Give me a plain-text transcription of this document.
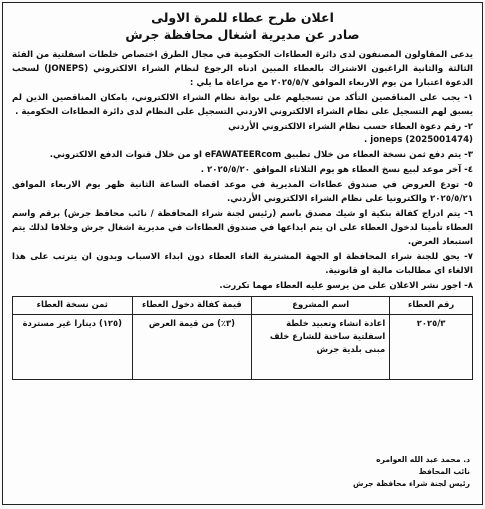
اعلان طرح عطاء للمرة الاولى
صادر عن مديرية اشغال محافظة جرش
يدعى المقاولون المصنفون لدى دائرة العطاءات الحكومية في مجال الطرق اختصاص خلطات اسفلتية من الفئة الثالثة والثانية الراغبون الاشتراك بالعطاء المبين ادناه الرجوع لنظام الشراء الالكتروني (JONEPS) لسحب الدعوة اعتبارا من يوم الاربعاء الموافق ٢٠٢٥/٥/٧ مع مراعاة ما يلي :
١- يجب على المناقصين التأكد من تسجيلهم على بوابة نظام الشراء الالكتروني، بامكان المناقصين الذين لم يسبق لهم التسجيل على نظام الشراء الالكتروني الاردني التسجيل على النظام لدى دائرة العطاءات الحكومية .
٢- رقم دعوة العطاء حسب نظام الشراء الالكتروني الأردني
joneps (2025001474) .
٣- يتم دفع ثمن نسخة العطاء من خلال تطبيق eFAWATEERcom او من خلال قنوات الدفع الالكتروني.
٤- آخر موعد لبيع نسخ العطاء هو يوم الثلاثاء الموافق ٢٠٢٥/٥/٢٠ .
٥- تودع العروض في صندوق عطاءات المديرية في موعد اقصاه الساعة الثانية ظهر يوم الاربعاء الموافق ٢٠٢٥/٥/٢١ والكترونيا على نظام الشراء الالكتروني الأردني.
٦- يتم ادراج كفالة بنكية او شيك مصدق باسم (رئيس لجنة شراء المحافظة / نائب محافظ جرش) برقم واسم العطاء تأمينا لدخول العطاء على ان يتم ايداعها في صندوق العطاءات في مديرية اشغال جرش وخلافا لذلك يتم استبعاد العرض.
٧- يحق للجنة شراء المحافظة او الجهة المشترية الغاء العطاء دون ابداء الاسباب وبدون ان يترتب على هذا الالغاء اي مطالبات مالية او قانونية.
٨- اجور نشر الاعلان على من يرسو عليه العطاء مهما تكررت.
رقم العطاء	اسم المشروع	قيمة كفالة دخول العطاء	ثمن نسخة العطاء
٢٠٢٥/٣	اعادة انشاء وتعبيد خلطة اسفلتية ساخنة للشارع خلف مبنى بلدية جرش	(٣٪) من قيمة العرض	(١٢٥) دينارا غير مستردة
د. محمد عبد الله العوامره
نائب المحافظ
رئيس لجنة شراء محافظة جرش
